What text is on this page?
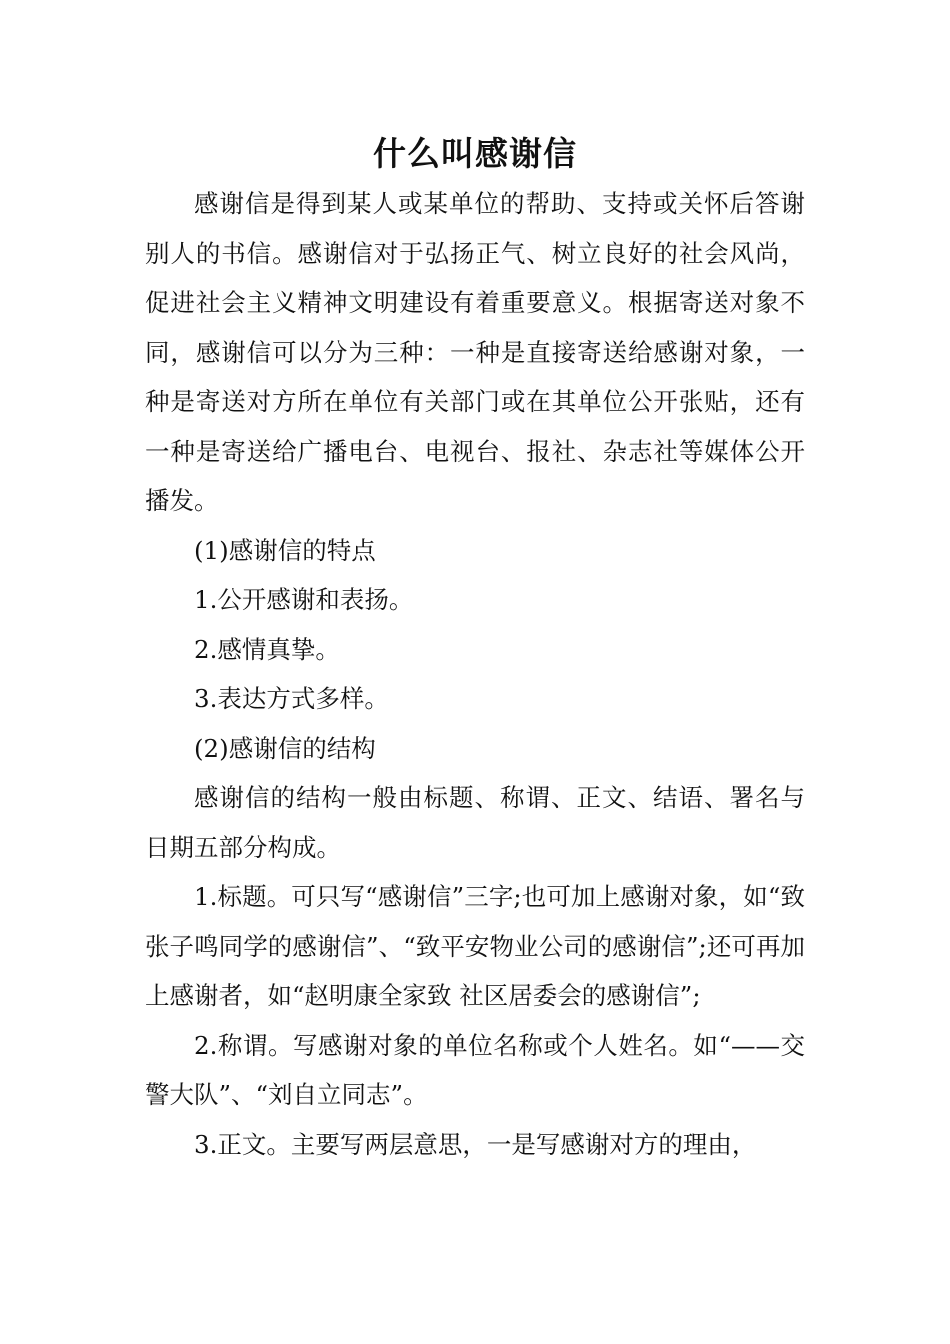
什么叫感谢信

感谢信是得到某人或某单位的帮助、支持或关怀后答谢别人的书信。感谢信对于弘扬正气、树立良好的社会风尚，促进社会主义精神文明建设有着重要意义。根据寄送对象不同，感谢信可以分为三种：一种是直接寄送给感谢对象，一种是寄送对方所在单位有关部门或在其单位公开张贴，还有一种是寄送给广播电台、电视台、报社、杂志社等媒体公开播发。

(1)感谢信的特点

1.公开感谢和表扬。

2.感情真挚。

3.表达方式多样。

(2)感谢信的结构

感谢信的结构一般由标题、称谓、正文、结语、署名与日期五部分构成。

1.标题。可只写“感谢信”三字;也可加上感谢对象，如“致张子鸣同学的感谢信”、“致平安物业公司的感谢信”;还可再加上感谢者，如“赵明康全家致 社区居委会的感谢信”;

2.称谓。写感谢对象的单位名称或个人姓名。如“——交警大队”、“刘自立同志”。

3.正文。主要写两层意思，一是写感谢对方的理由，
